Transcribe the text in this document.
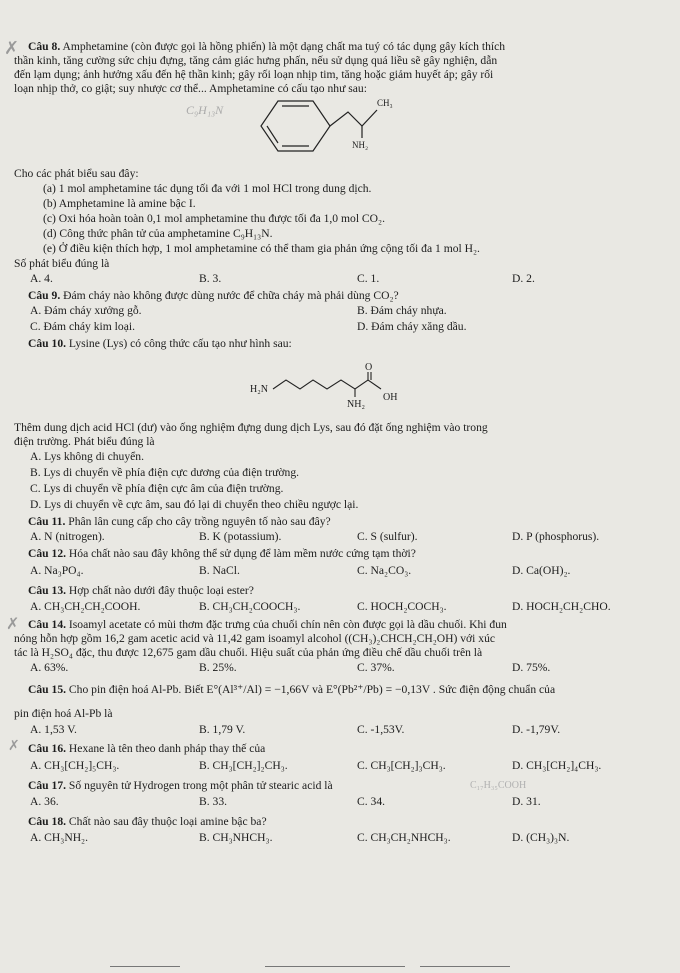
✗ Câu 8. Amphetamine (còn được gọi là hồng phiến) là một dạng chất ma tuý có tác dụng gây kích thích
thần kinh, tăng cường sức chịu đựng, tăng cảm giác hưng phấn, nếu sử dụng quá liều sẽ gây nghiện, dẫn
đến lạm dụng; ảnh hưởng xấu đến hệ thần kinh; gây rối loạn nhịp tim, tăng hoặc giảm huyết áp; gây rối
loạn nhịp thở, co giật; suy nhược cơ thể... Amphetamine có cấu tạo như sau:
CH₃
NH₂
C₉H₁₃N
Cho các phát biểu sau đây:
(a) 1 mol amphetamine tác dụng tối đa với 1 mol HCl trong dung dịch.
(b) Amphetamine là amine bậc I.
(c) Oxi hóa hoàn toàn 0,1 mol amphetamine thu được tối đa 1,0 mol CO₂.
(d) Công thức phân tử của amphetamine C₉H₁₃N.
(e) Ở điều kiện thích hợp, 1 mol amphetamine có thể tham gia phản ứng cộng tối đa 1 mol H₂.
Số phát biểu đúng là
A. 4.	B. 3.	C. 1.	D. 2.
Câu 9. Đám cháy nào không được dùng nước để chữa cháy mà phải dùng CO₂?
A. Đám cháy xưởng gỗ.	B. Đám cháy nhựa.
C. Đám cháy kim loại.	D. Đám cháy xăng dầu.
Câu 10. Lysine (Lys) có công thức cấu tạo như hình sau:
H₂N
O
OH
NH₂
Thêm dung dịch acid HCl (dư) vào ống nghiệm đựng dung dịch Lys, sau đó đặt ống nghiệm vào trong
điện trường. Phát biểu đúng là
A. Lys không di chuyển.
B. Lys di chuyển về phía điện cực dương của điện trường.
C. Lys di chuyển về phía điện cực âm của điện trường.
D. Lys di chuyển về cực âm, sau đó lại di chuyển theo chiều ngược lại.
Câu 11. Phân lân cung cấp cho cây trồng nguyên tố nào sau đây?
A. N (nitrogen).	B. K (potassium).	C. S (sulfur).	D. P (phosphorus).
Câu 12. Hóa chất nào sau đây không thể sử dụng để làm mềm nước cứng tạm thời?
A. Na₃PO₄.	B. NaCl.	C. Na₂CO₃.	D. Ca(OH)₂.
Câu 13. Hợp chất nào dưới đây thuộc loại ester?
A. CH₃CH₂CH₂COOH.	B. CH₃CH₂COOCH₃.	C. HOCH₂COCH₃.	D. HOCH₂CH₂CHO.
✗ Câu 14. Isoamyl acetate có mùi thơm đặc trưng của chuối chín nên còn được gọi là dầu chuối. Khi đun
nóng hỗn hợp gồm 16,2 gam acetic acid và 11,42 gam isoamyl alcohol ((CH₃)₂CHCH₂CH₂OH) với xúc
tác là H₂SO₄ đặc, thu được 12,675 gam dầu chuối. Hiệu suất của phản ứng điều chế dầu chuối trên là
A. 63%.	B. 25%.	C. 37%.	D. 75%.
Câu 15. Cho pin điện hoá Al-Pb. Biết E°(Al³⁺/Al) = −1,66V và E°(Pb²⁺/Pb) = −0,13V . Sức điện động chuẩn của
pin điện hoá Al-Pb là
A. 1,53 V.	B. 1,79 V.	C. -1,53V.	D. -1,79V.
✗ Câu 16. Hexane là tên theo danh pháp thay thế của
A. CH₃[CH₂]₅CH₃.	B. CH₃[CH₂]₂CH₃.	C. CH₃[CH₂]₃CH₃.	D. CH₃[CH₂]₄CH₃.
Câu 17. Số nguyên tử Hydrogen trong một phân tử stearic acid là	C₁₇H₃₅COOH
A. 36.	B. 33.	C. 34.	D. 31.
Câu 18. Chất nào sau đây thuộc loại amine bậc ba?
A. CH₃NH₂.	B. CH₃NHCH₃.	C. CH₃CH₂NHCH₃.	D. (CH₃)₃N.
